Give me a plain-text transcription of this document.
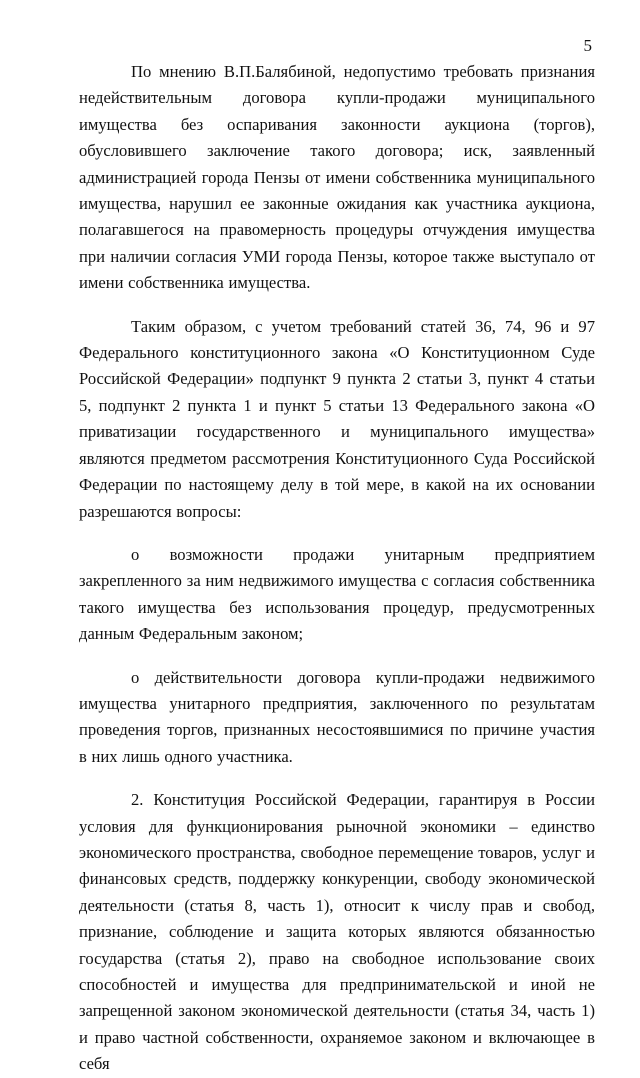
5

По мнению В.П.Балябиной, недопустимо требовать признания недействительным договора купли-продажи муниципального имущества без оспаривания законности аукциона (торгов), обусловившего заключение такого договора; иск, заявленный администрацией города Пензы от имени собственника муниципального имущества, нарушил ее законные ожидания как участника аукциона, полагавшегося на правомерность процедуры отчуждения имущества при наличии согласия УМИ города Пензы, которое также выступало от имени собственника имущества.

Таким образом, с учетом требований статей 36, 74, 96 и 97 Федерального конституционного закона «О Конституционном Суде Российской Федерации» подпункт 9 пункта 2 статьи 3, пункт 4 статьи 5, подпункт 2 пункта 1 и пункт 5 статьи 13 Федерального закона «О приватизации государственного и муниципального имущества» являются предметом рассмотрения Конституционного Суда Российской Федерации по настоящему делу в той мере, в какой на их основании разрешаются вопросы:

о возможности продажи унитарным предприятием закрепленного за ним недвижимого имущества с согласия собственника такого имущества без использования процедур, предусмотренных данным Федеральным законом;

о действительности договора купли-продажи недвижимого имущества унитарного предприятия, заключенного по результатам проведения торгов, признанных несостоявшимися по причине участия в них лишь одного участника.

2. Конституция Российской Федерации, гарантируя в России условия для функционирования рыночной экономики – единство экономического пространства, свободное перемещение товаров, услуг и финансовых средств, поддержку конкуренции, свободу экономической деятельности (статья 8, часть 1), относит к числу прав и свобод, признание, соблюдение и защита которых являются обязанностью государства (статья 2), право на свободное использование своих способностей и имущества для предпринимательской и иной не запрещенной законом экономической деятельности (статья 34, часть 1) и право частной собственности, охраняемое законом и включающее в себя
